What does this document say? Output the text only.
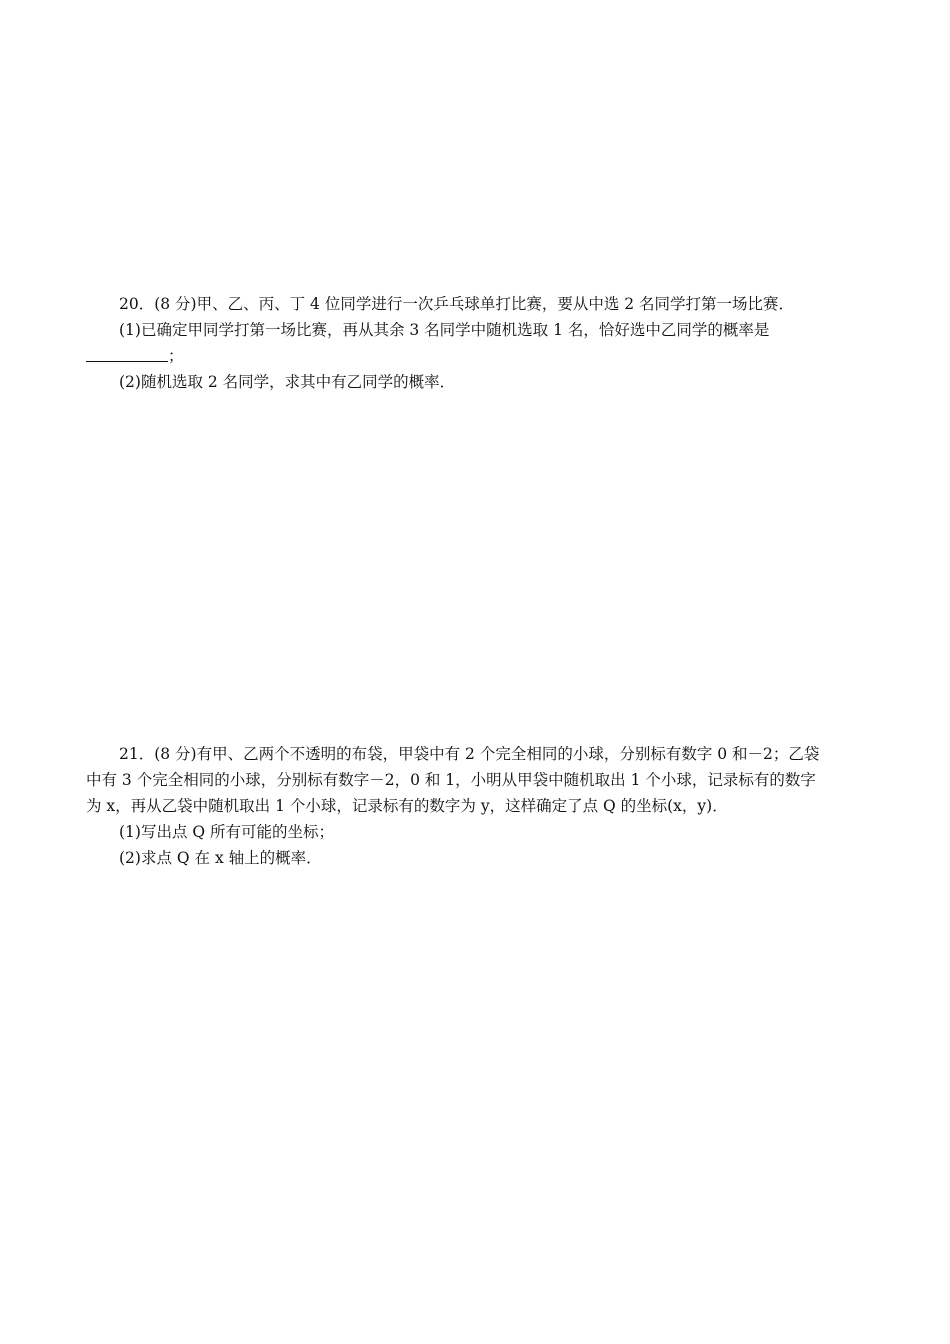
20．(8 分)甲、乙、丙、丁 4 位同学进行一次乒乓球单打比赛，要从中选 2 名同学打第一场比赛．
(1)已确定甲同学打第一场比赛，再从其余 3 名同学中随机选取 1 名，恰好选中乙同学的概率是
；
(2)随机选取 2 名同学，求其中有乙同学的概率．
21．(8 分)有甲、乙两个不透明的布袋，甲袋中有 2 个完全相同的小球，分别标有数字 0 和－2；乙袋
中有 3 个完全相同的小球，分别标有数字－2，0 和 1，小明从甲袋中随机取出 1 个小球，记录标有的数字
为 x，再从乙袋中随机取出 1 个小球，记录标有的数字为 y，这样确定了点 Q 的坐标(x，y)．
(1)写出点 Q 所有可能的坐标；
(2)求点 Q 在 x 轴上的概率．
